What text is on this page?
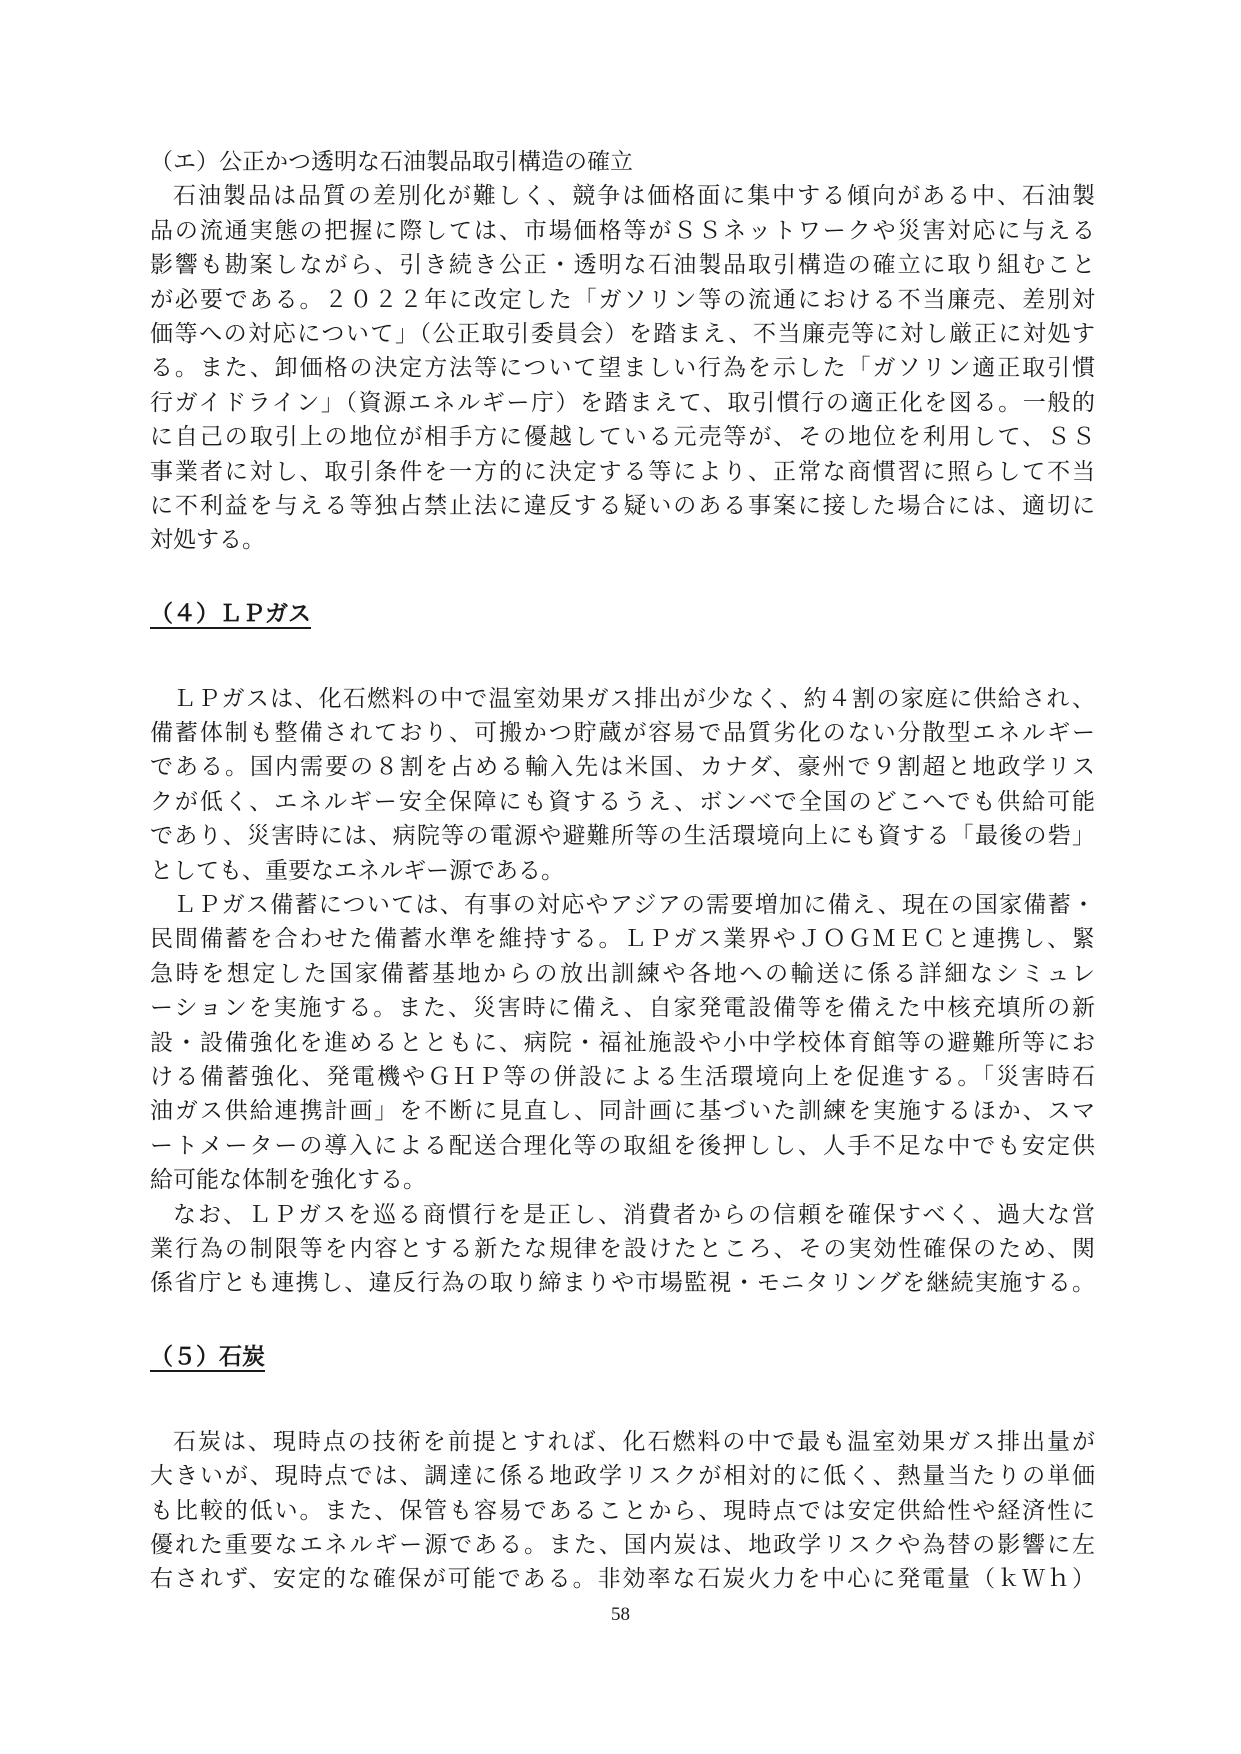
（エ）公正かつ透明な石油製品取引構造の確立
石油製品は品質の差別化が難しく、競争は価格面に集中する傾向がある中、石油製
品の流通実態の把握に際しては、市場価格等がＳＳネットワークや災害対応に与える
影響も勘案しながら、引き続き公正・透明な石油製品取引構造の確立に取り組むこと
が必要である。２０２２年に改定した「ガソリン等の流通における不当廉売、差別対
価等への対応について」（公正取引委員会）を踏まえ、不当廉売等に対し厳正に対処す
る。また、卸価格の決定方法等について望ましい行為を示した「ガソリン適正取引慣
行ガイドライン」（資源エネルギー庁）を踏まえて、取引慣行の適正化を図る。一般的
に自己の取引上の地位が相手方に優越している元売等が、その地位を利用して、ＳＳ
事業者に対し、取引条件を一方的に決定する等により、正常な商慣習に照らして不当
に不利益を与える等独占禁止法に違反する疑いのある事案に接した場合には、適切に
対処する。
（４）ＬＰガス
ＬＰガスは、化石燃料の中で温室効果ガス排出が少なく、約４割の家庭に供給され、
備蓄体制も整備されており、可搬かつ貯蔵が容易で品質劣化のない分散型エネルギー
である。国内需要の８割を占める輸入先は米国、カナダ、豪州で９割超と地政学リス
クが低く、エネルギー安全保障にも資するうえ、ボンベで全国のどこへでも供給可能
であり、災害時には、病院等の電源や避難所等の生活環境向上にも資する「最後の砦」
としても、重要なエネルギー源である。
ＬＰガス備蓄については、有事の対応やアジアの需要増加に備え、現在の国家備蓄・
民間備蓄を合わせた備蓄水準を維持する。ＬＰガス業界やＪＯＧＭＥＣと連携し、緊
急時を想定した国家備蓄基地からの放出訓練や各地への輸送に係る詳細なシミュレ
ーションを実施する。また、災害時に備え、自家発電設備等を備えた中核充填所の新
設・設備強化を進めるとともに、病院・福祉施設や小中学校体育館等の避難所等にお
ける備蓄強化、発電機やＧＨＰ等の併設による生活環境向上を促進する。「災害時石
油ガス供給連携計画」を不断に見直し、同計画に基づいた訓練を実施するほか、スマ
ートメーターの導入による配送合理化等の取組を後押しし、人手不足な中でも安定供
給可能な体制を強化する。
なお、ＬＰガスを巡る商慣行を是正し、消費者からの信頼を確保すべく、過大な営
業行為の制限等を内容とする新たな規律を設けたところ、その実効性確保のため、関
係省庁とも連携し、違反行為の取り締まりや市場監視・モニタリングを継続実施する。
（５）石炭
石炭は、現時点の技術を前提とすれば、化石燃料の中で最も温室効果ガス排出量が
大きいが、現時点では、調達に係る地政学リスクが相対的に低く、熱量当たりの単価
も比較的低い。また、保管も容易であることから、現時点では安定供給性や経済性に
優れた重要なエネルギー源である。また、国内炭は、地政学リスクや為替の影響に左
右されず、安定的な確保が可能である。非効率な石炭火力を中心に発電量（ｋＷｈ）
58
